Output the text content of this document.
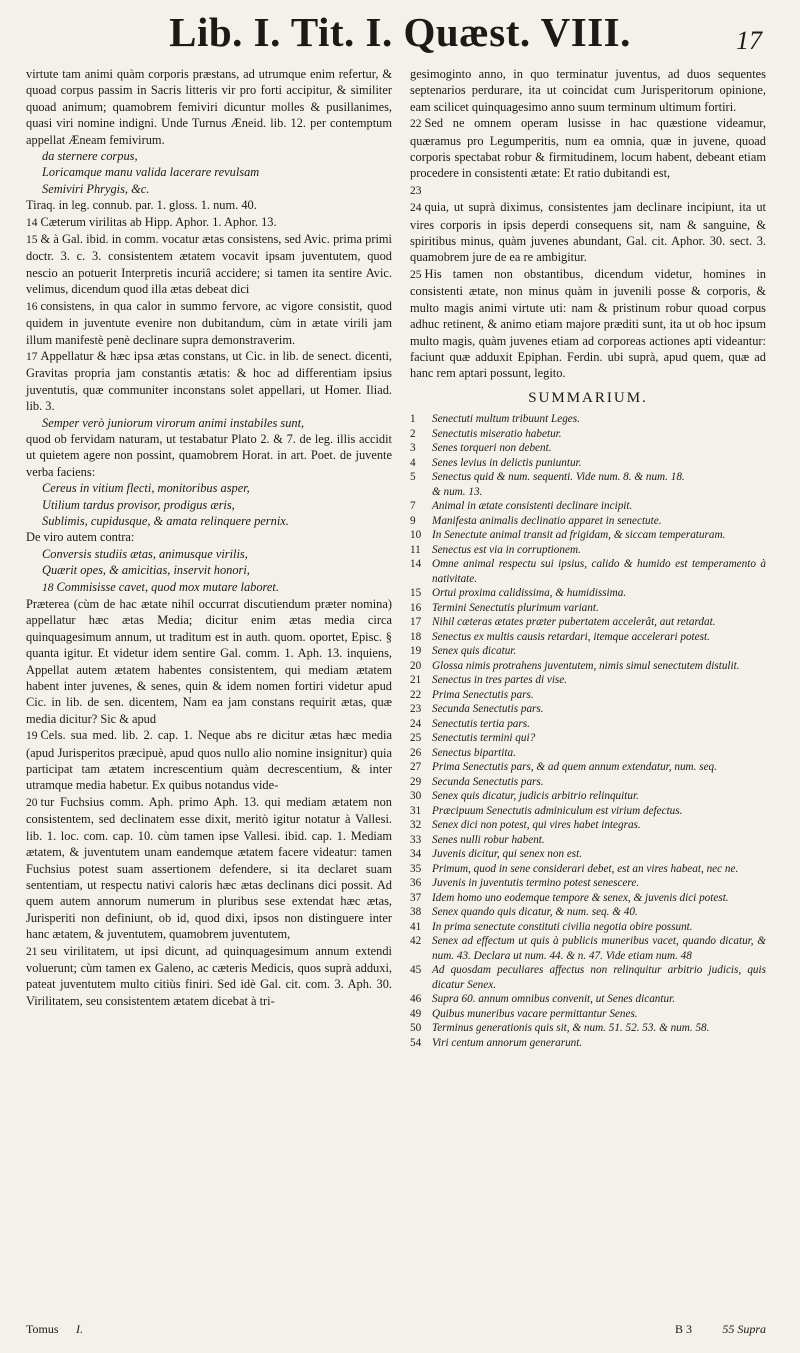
Lib. I. Tit. I. Quæst. VIII.	17
virtute tam animi quàm corporis præstans, ad utrumque enim refertur, & quoad corpus passim in Sacris litteris vir pro forti accipitur, & similiter quoad animum; quamobrem femiviri dicuntur molles & pusillanimes, quasi viri nomine indigni. Unde Turnus Æneid. lib. 12. per contemptum appellat Æneam femivirum.
da sternere corpus,
Loricamque manu valida lacerare revulsam
Semiviri Phrygis, &c.
Tiraq. in leg. connub. par. 1. gloss. 1. num. 40.
14 Cæterum virilitas ab Hipp. Aphor. 1. Aphor. 13.
15 & à Gal. ibid. in comm. vocatur ætas consistens, sed Avic. prima primi doctr. 3. c. 3. consistentem ætatem vocavit ipsam juventutem, quod nescio an potuerit Interpretis incuriâ accidere; si tamen ita sentire Avic. velimus, dicendum quod illa ætas debeat dici
16 consistens, in qua calor in summo fervore, ac vigore consistit, quod quidem in juventute evenire non dubitandum, cùm in ætate virili jam illum manifestè penè declinare supra demonstraverim.
17 Appellatur & hæc ipsa ætas constans, ut Cic. in lib. de senect. dicenti, Gravitas propria jam constantis ætatis: & hoc ad differentiam ipsius juventutis, quæ communiter inconstans solet appellari, ut Homer. Iliad. lib. 3.
Semper verò juniorum virorum animi instabiles sunt,
quod ob fervidam naturam, ut testabatur Plato 2. & 7. de leg. illis accidit ut quietem agere non possint, quamobrem Horat. in art. Poet. de juvente verba faciens:
Cereus in vitium flecti, monitoribus asper,
Utilium tardus provisor, prodigus æris,
Sublimis, cupidusque, & amata relinquere pernix.
De viro autem contra:
Conversis studiis ætas, animusque virilis,
Quærit opes, & amicitias, inservit honori,
18 Commisisse cavet, quod mox mutare laboret.
Præterea (cùm de hac ætate nihil occurrat discutiendum præter nomina) appellatur hæc ætas Media; dicitur enim ætas media circa quinquagesimum annum, ut traditum est in auth. quom. oportet, Episc. § quanta igitur. Et videtur idem sentire Gal. comm. 1. Aph. 13. inquiens, Appellat autem ætatem habentes consistentem, qui mediam ætatem habent inter juvenes, & senes, quin & idem nomen fortiri videtur apud Cic. in lib. de sen. dicentem, Nam ea jam constans requirit ætas, quæ media dicitur? Sic & apud
19 Cels. sua med. lib. 2. cap. 1. Neque abs re dicitur ætas hæc media (apud Jurisperitos præcipuè, apud quos nullo alio nomine insignitur) quia participat tam ætatem increscentium quàm decrescentium, & inter utramque media habetur. Ex quibus notandus vide-
20 tur Fuchsius comm. Aph. primo Aph. 13. qui mediam ætatem non consistentem, sed declinatem esse dixit, meritò igitur notatur à Vallesi. lib. 1. loc. com. cap. 10. cùm tamen ipse Vallesi. ibid. cap. 1. Mediam ætatem, & juventutem unam eandemque ætatem facere videatur: tamen Fuchsius potest suam assertionem defendere, si ita declaret suam sententiam, ut respectu nativi caloris hæc ætas declinans dici possit. Ad quem autem annorum numerum in pluribus sese extendat hæc ætas, Jurisperiti non definiunt, ob id, quod dixi, ipsos non distinguere inter hanc ætatem, & juventutem, quamobrem juventutem,
21 seu virilitatem, ut ipsi dicunt, ad quinquagesimum annum extendi voluerunt; cùm tamen ex Galeno, ac cæteris Medicis, quos suprà adduxi, pateat juventutem multo citiùs finiri. Sed idè Gal. cit. com. 3. Aph. 30. Virilitatem, seu consistentem ætatem dicebat à tri-
gesimoginto anno, in quo terminatur juventus, ad duos sequentes septenarios perdurare, ita ut coincidat cum Jurisperitorum opinione, eam scilicet quinquagesimo anno suum terminum ultimum fortiri.
22 Sed ne omnem operam lusisse in hac quæstione videamur, quæramus pro Legumperitis, num ea omnia, quæ in juvene, quoad corporis spectabat robur & firmitudinem, locum habent, debeant etiam procedere in consistenti ætate: Et ratio dubitandi est,
23
24 quia, ut suprà diximus, consistentes jam declinare incipiunt, ita ut vires corporis in ipsis deperdi consequens sit, nam & sanguine, & spiritibus minus, quàm juvenes abundant, Gal. cit. Aphor. 30. sect. 3. quamobrem jure de ea re ambigitur.
25 His tamen non obstantibus, dicendum videtur, homines in consistenti ætate, non minus quàm in juvenili posse & corporis, & multo magis animi virtute uti: nam & pristinum robur quoad corpus adhuc retinent, & animo etiam majore præditi sunt, ita ut ob hoc ipsum multo magis, quàm juvenes etiam ad corporeas actiones apti videantur: faciunt quæ adduxit Epiphan. Ferdin. ubi suprà, apud quem, quæ ad hanc rem aptari possunt, legito.
SUMMARIUM.
1	Senectuti multum tribuunt Leges.
2	Senectutis miseratio habetur.
3	Senes torqueri non debent.
4	Senes levius in delictis puniuntur.
5	Senectus quid & num. sequenti. Vide num. 8. & num. 18.
& num. 13.
7	Animal in ætate consistenti declinare incipit.
9	Manifesta animalis declinatio apparet in senectute.
10 In Senectute animal transit ad frigidam, & siccam temperaturam.
11	Senectus est via in corruptionem.
14 Omne animal respectu sui ipsius, calido & humido est temperamento à nativitate.
15 Ortui proxima calidissima, & humidissima.
16 Termini Senectutis plurimum variant.
17 Nihil cæteras ætates præter pubertatem accelerât, aut retardat.
18 Senectus ex multis causis retardari, itemque accelerari potest.
19 Senex quis dicatur.
20 Glossa nimis protrahens juventutem, nimis simul senectutem distulit.
21 Senectus in tres partes di vise.
22 Prima Senectutis pars.
23 Secunda Senectutis pars.
24 Senectutis tertia pars.
25 Senectutis termini qui?
26 Senectus bipartita.
27 Prima Senectutis pars, & ad quem annum extendatur, num. seq.
29 Secunda Senectutis pars.
30 Senex quis dicatur, judicis arbitrio relinquitur.
31 Præcipuum Senectutis adminiculum est virium defectus.
32 Senex dici non potest, qui vires habet integras.
33 Senes nulli robur habent.
34 Juvenis dicitur, qui senex non est.
35 Primum, quod in sene considerari debet, est an vires habeat, nec ne.
36 Juvenis in juventutis termino potest senescere.
37 Idem homo uno eodemque tempore & senex, & juvenis dici potest.
38 Senex quando quis dicatur, & num. seq. & 40.
41 In prima senectute constituti civilia negotia obire possunt.
42 Senex ad effectum ut quis à publicis muneribus vacet, quando dicatur, & num. 43. Declara ut num. 44. & n. 47. Vide etiam num. 48
45 Ad quosdam peculiares affectus non relinquitur arbitrio judicis, quis dicatur Senex.
46 Supra 60. annum omnibus convenit, ut Senes dicantur.
49 Quibus muneribus vacare permittantur Senes.
50 Terminus generationis quis sit, & num. 51. 52. 53. & num. 58.
54 Viri centum annorum generarunt.
Tomus I.	B 3	55 Supra
